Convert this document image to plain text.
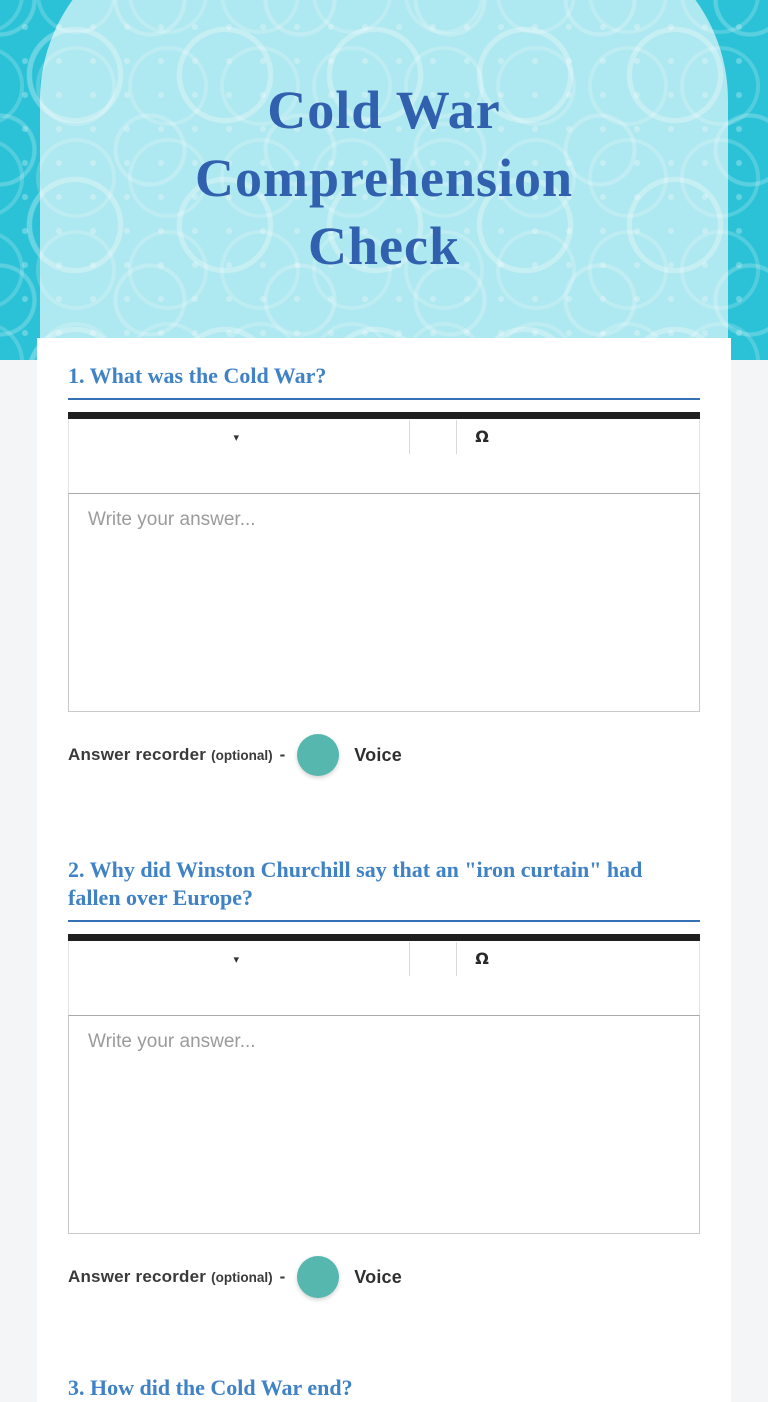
Cold War
Comprehension
Check
1. What was the Cold War?
▾	Ω
Write your answer...
Answer recorder (optional) -	Voice
2. Why did Winston Churchill say that an "iron curtain" had fallen over Europe?
▾	Ω
Write your answer...
Answer recorder (optional) -	Voice
3. How did the Cold War end?
